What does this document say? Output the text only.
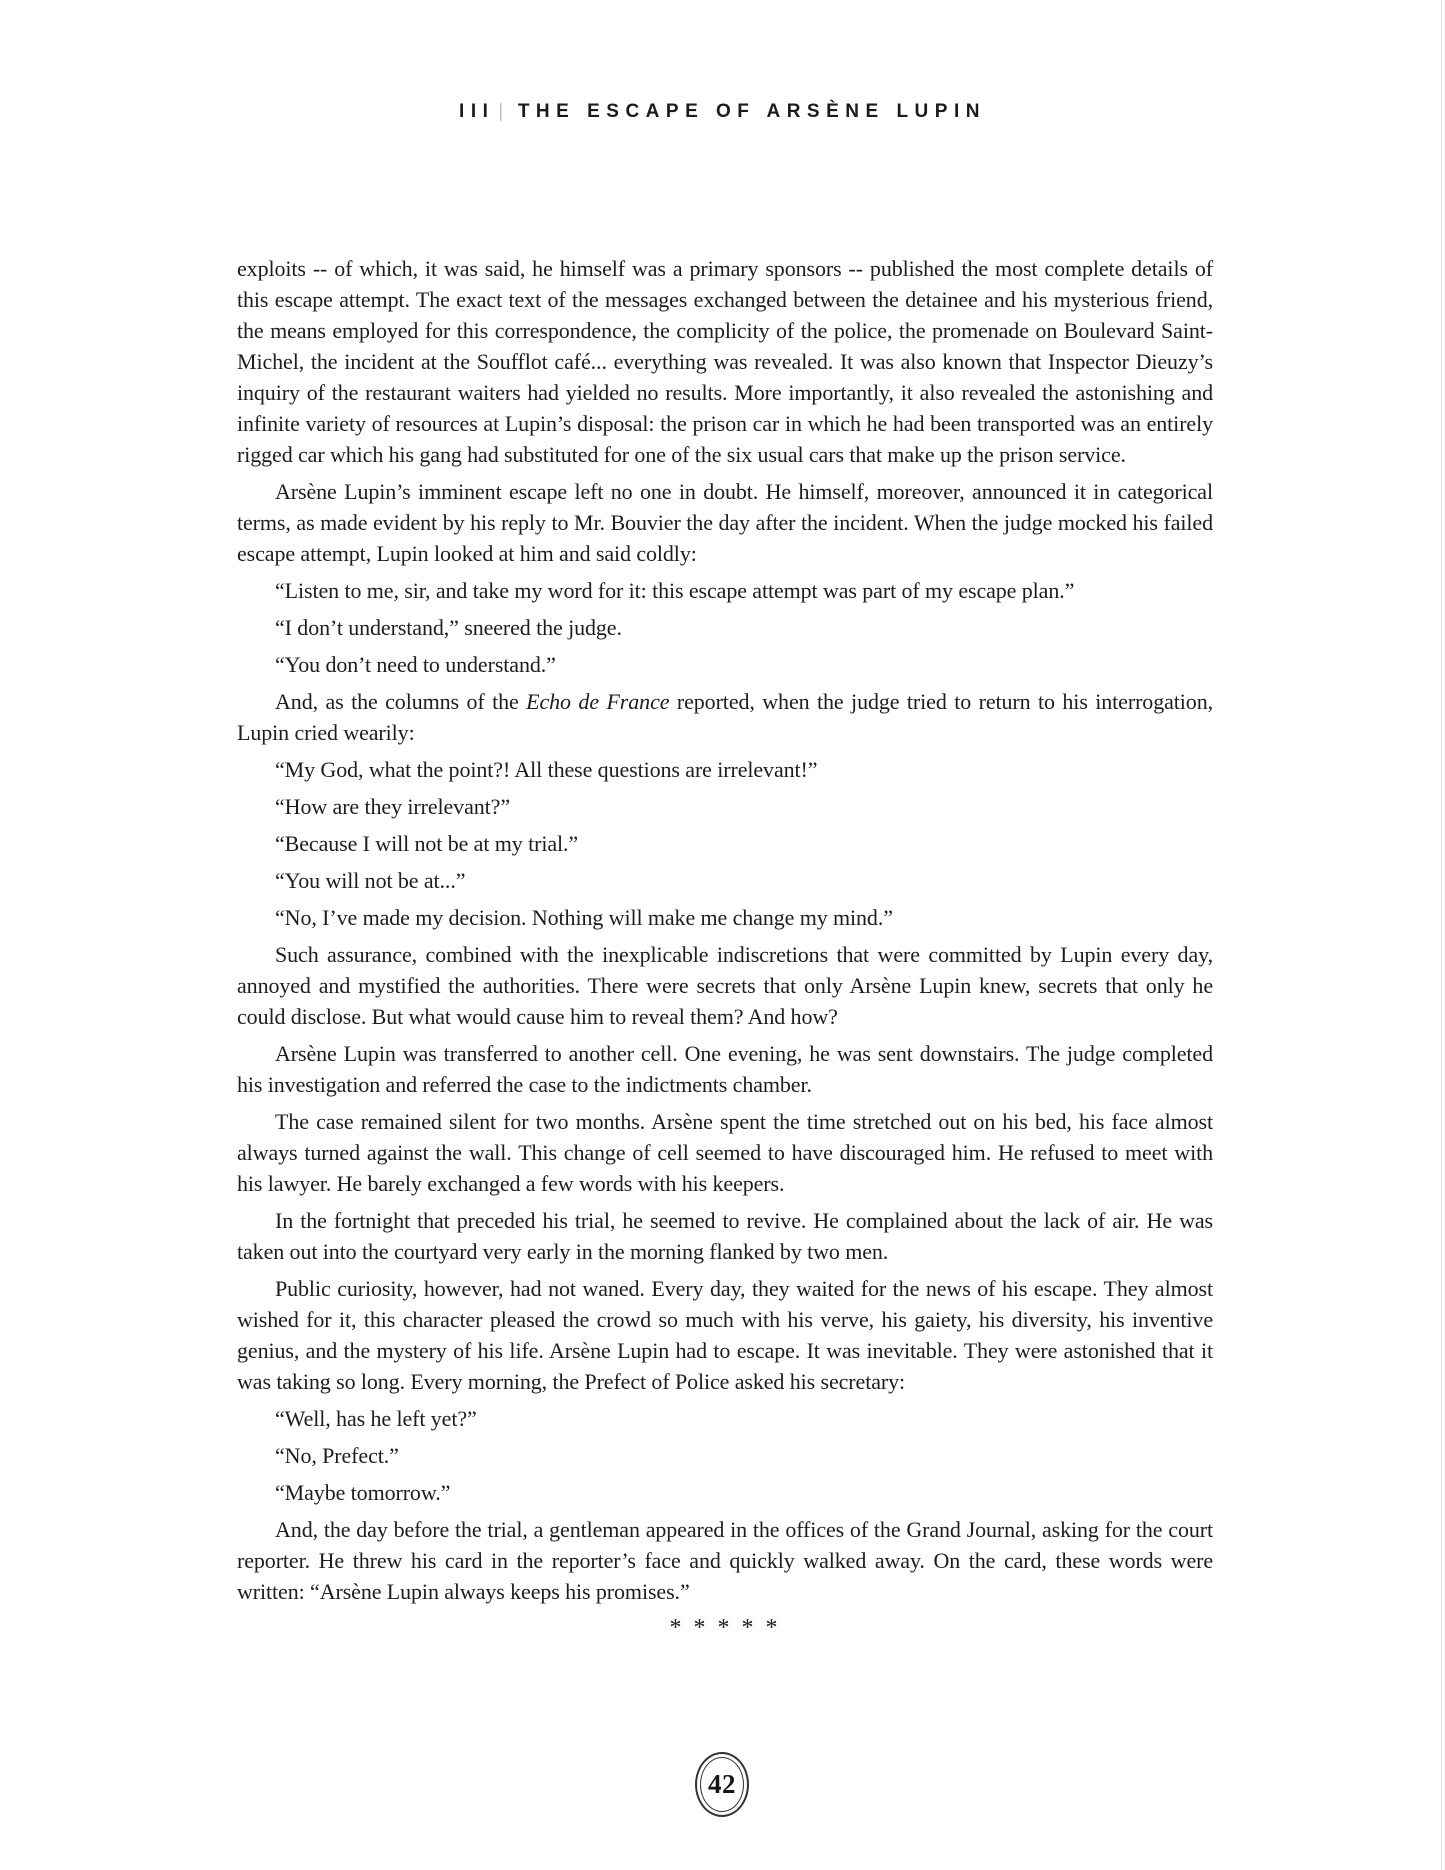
III | THE ESCAPE OF ARSÈNE LUPIN

exploits -- of which, it was said, he himself was a primary sponsors -- published the most complete details of this escape attempt. The exact text of the messages exchanged between the detainee and his mysterious friend, the means employed for this correspondence, the complicity of the police, the promenade on Boulevard Saint-Michel, the incident at the Soufflot café... everything was revealed. It was also known that Inspector Dieuzy’s inquiry of the restaurant waiters had yielded no results. More importantly, it also revealed the astonishing and infinite variety of resources at Lupin’s disposal: the prison car in which he had been transported was an entirely rigged car which his gang had substituted for one of the six usual cars that make up the prison service.

Arsène Lupin’s imminent escape left no one in doubt. He himself, moreover, announced it in categorical terms, as made evident by his reply to Mr. Bouvier the day after the incident. When the judge mocked his failed escape attempt, Lupin looked at him and said coldly:

“Listen to me, sir, and take my word for it: this escape attempt was part of my escape plan.”

“I don’t understand,” sneered the judge.

“You don’t need to understand.”

And, as the columns of the Echo de France reported, when the judge tried to return to his interrogation, Lupin cried wearily:

“My God, what the point?! All these questions are irrelevant!”

“How are they irrelevant?”

“Because I will not be at my trial.”

“You will not be at...”

“No, I’ve made my decision. Nothing will make me change my mind.”

Such assurance, combined with the inexplicable indiscretions that were committed by Lupin every day, annoyed and mystified the authorities. There were secrets that only Arsène Lupin knew, secrets that only he could disclose. But what would cause him to reveal them? And how?

Arsène Lupin was transferred to another cell. One evening, he was sent downstairs. The judge completed his investigation and referred the case to the indictments chamber.

The case remained silent for two months. Arsène spent the time stretched out on his bed, his face almost always turned against the wall. This change of cell seemed to have discouraged him. He refused to meet with his lawyer. He barely exchanged a few words with his keepers.

In the fortnight that preceded his trial, he seemed to revive. He complained about the lack of air. He was taken out into the courtyard very early in the morning flanked by two men.

Public curiosity, however, had not waned. Every day, they waited for the news of his escape. They almost wished for it, this character pleased the crowd so much with his verve, his gaiety, his diversity, his inventive genius, and the mystery of his life. Arsène Lupin had to escape. It was inevitable. They were astonished that it was taking so long. Every morning, the Prefect of Police asked his secretary:

“Well, has he left yet?”

“No, Prefect.”

“Maybe tomorrow.”

And, the day before the trial, a gentleman appeared in the offices of the Grand Journal, asking for the court reporter. He threw his card in the reporter’s face and quickly walked away. On the card, these words were written: “Arsène Lupin always keeps his promises.”

* * * * *

42
